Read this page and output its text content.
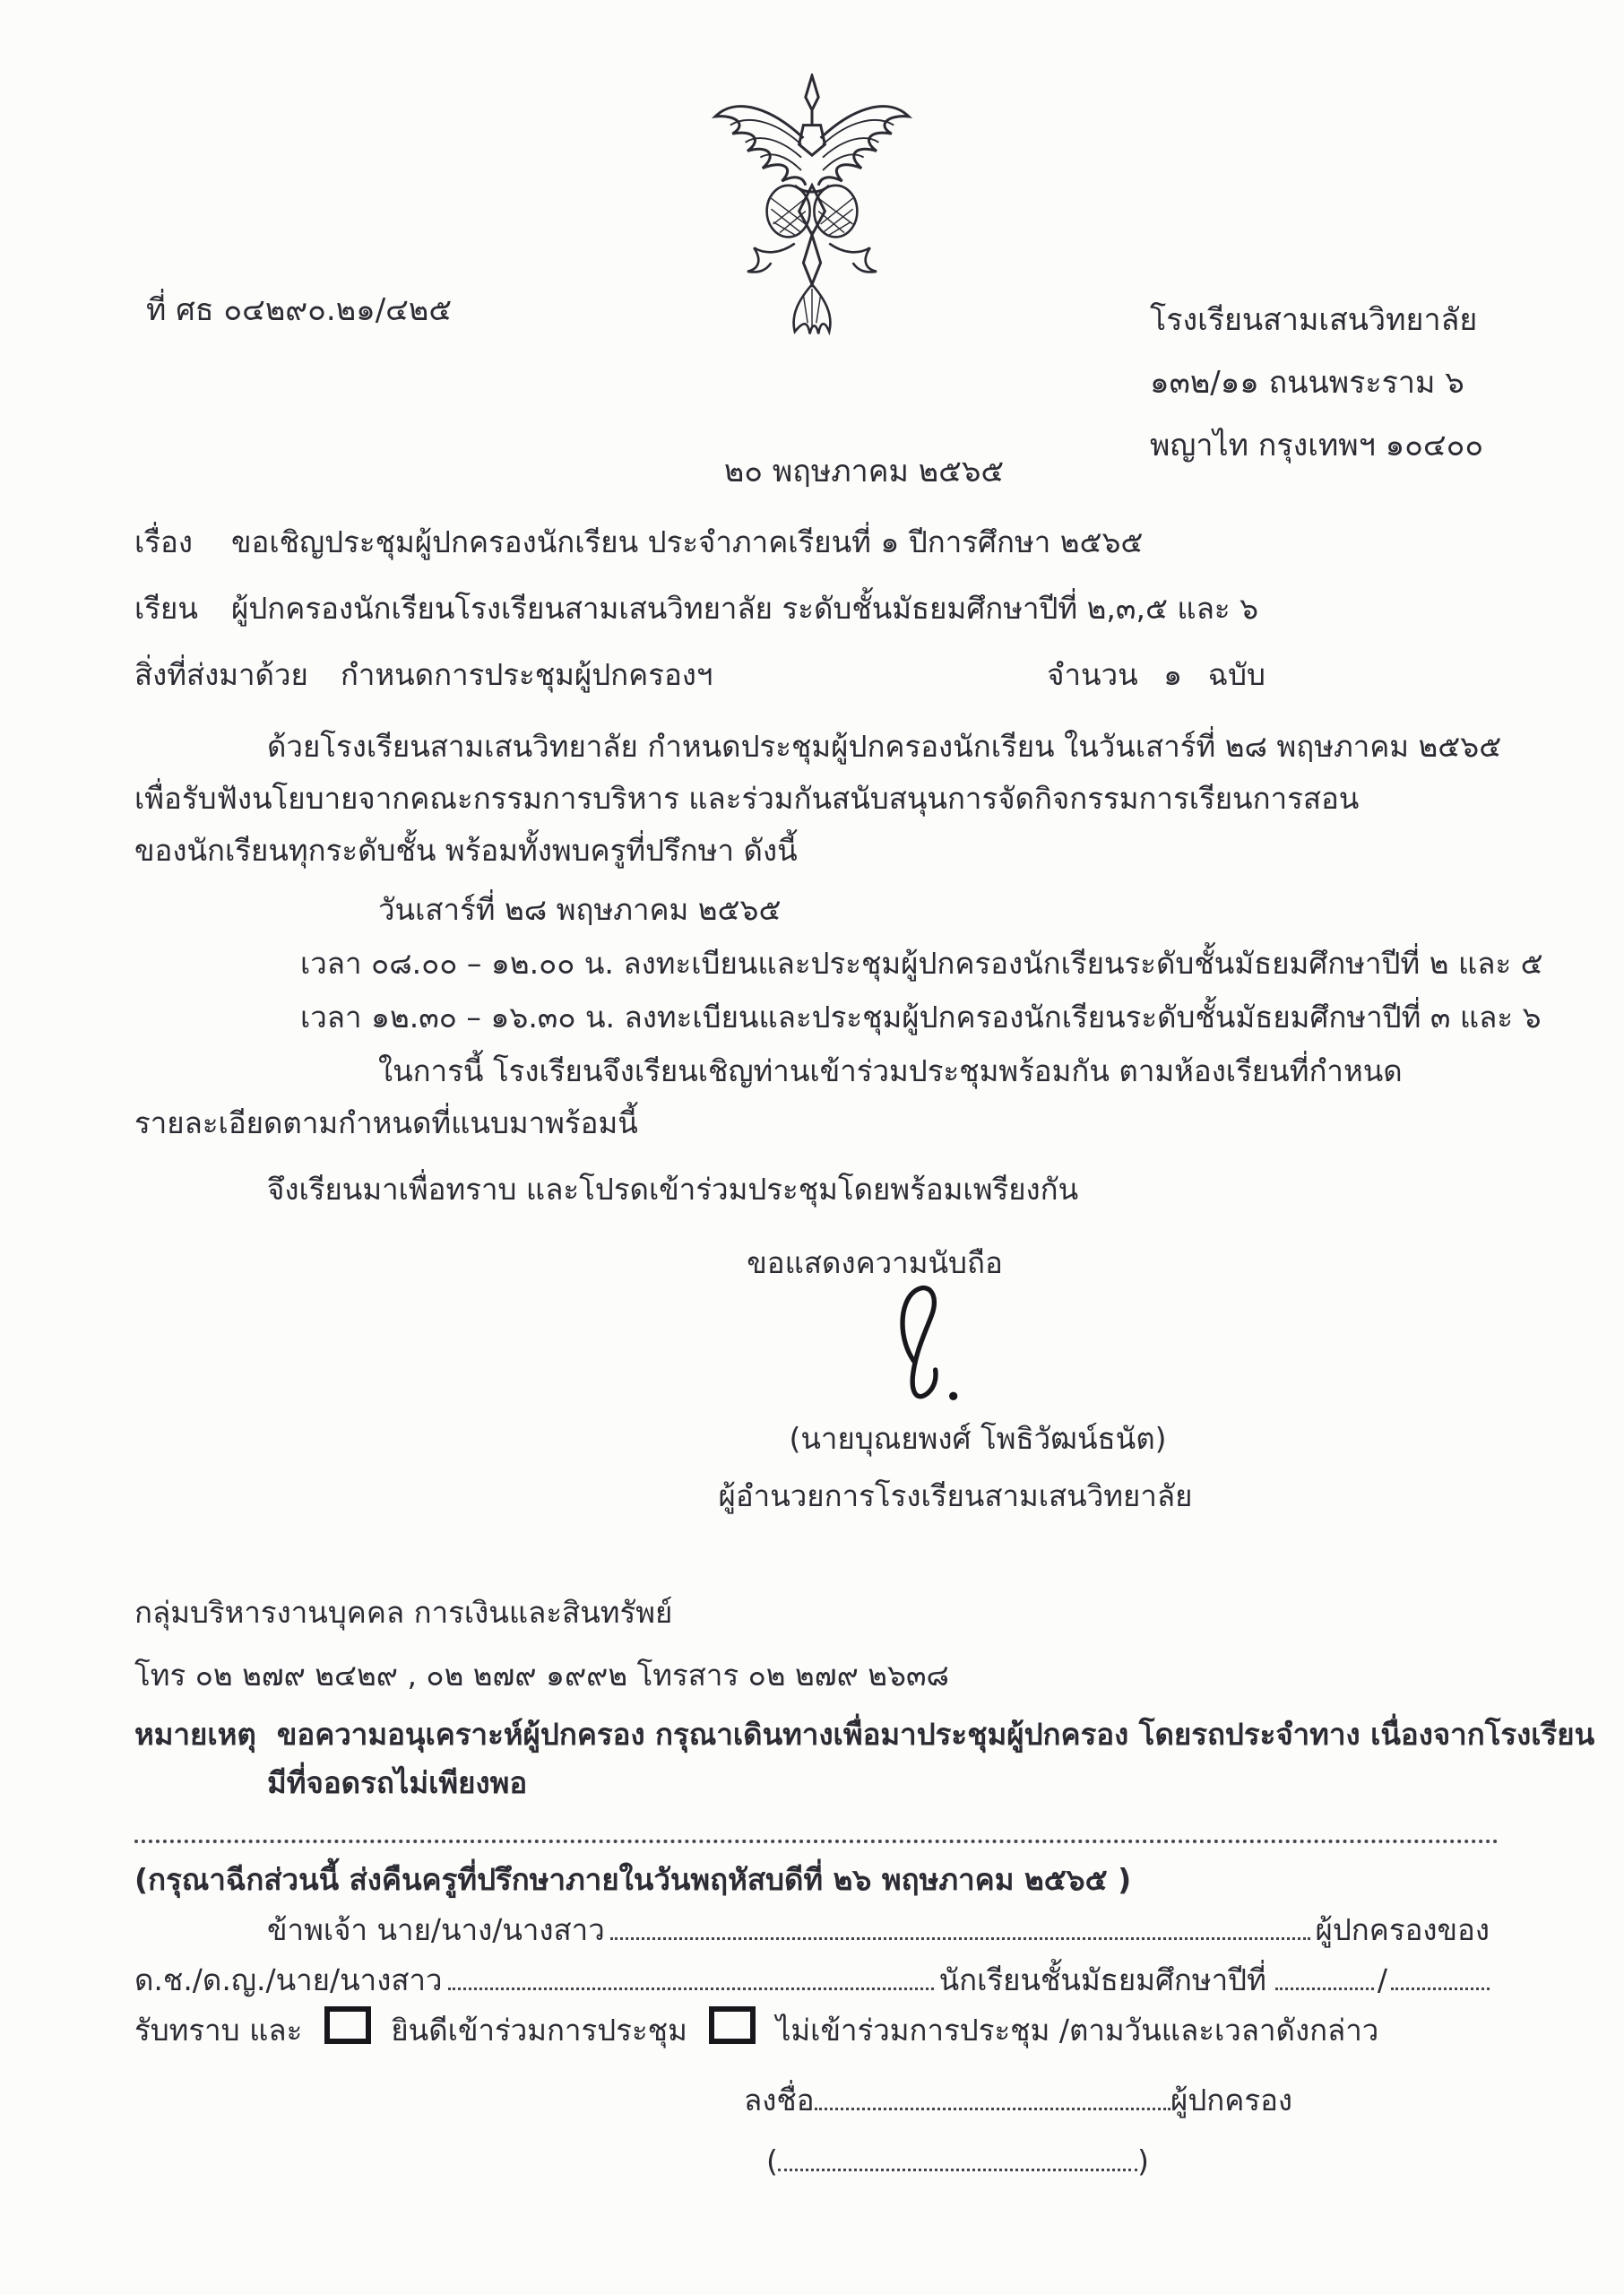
ที่ ศธ ๐๔๒๙๐.๒๑/๔๒๕	โรงเรียนสามเสนวิทยาลัย
๑๓๒/๑๑ ถนนพระราม ๖
พญาไท กรุงเทพฯ ๑๐๔๐๐
๒๐ พฤษภาคม ๒๕๖๕
เรื่อง ขอเชิญประชุมผู้ปกครองนักเรียน ประจำภาคเรียนที่ ๑ ปีการศึกษา ๒๕๖๕
เรียน ผู้ปกครองนักเรียนโรงเรียนสามเสนวิทยาลัย ระดับชั้นมัธยมศึกษาปีที่ ๒,๓,๕ และ ๖
สิ่งที่ส่งมาด้วย กำหนดการประชุมผู้ปกครองฯ	จำนวน ๑ ฉบับ
ด้วยโรงเรียนสามเสนวิทยาลัย กำหนดประชุมผู้ปกครองนักเรียน ในวันเสาร์ที่ ๒๘ พฤษภาคม ๒๕๖๕
เพื่อรับฟังนโยบายจากคณะกรรมการบริหาร และร่วมกันสนับสนุนการจัดกิจกรรมการเรียนการสอน
ของนักเรียนทุกระดับชั้น พร้อมทั้งพบครูที่ปรึกษา ดังนี้
วันเสาร์ที่ ๒๘ พฤษภาคม ๒๕๖๕
เวลา ๐๘.๐๐ – ๑๒.๐๐ น. ลงทะเบียนและประชุมผู้ปกครองนักเรียนระดับชั้นมัธยมศึกษาปีที่ ๒ และ ๕
เวลา ๑๒.๓๐ – ๑๖.๓๐ น. ลงทะเบียนและประชุมผู้ปกครองนักเรียนระดับชั้นมัธยมศึกษาปีที่ ๓ และ ๖
ในการนี้ โรงเรียนจึงเรียนเชิญท่านเข้าร่วมประชุมพร้อมกัน ตามห้องเรียนที่กำหนด
รายละเอียดตามกำหนดที่แนบมาพร้อมนี้
จึงเรียนมาเพื่อทราบ และโปรดเข้าร่วมประชุมโดยพร้อมเพรียงกัน
ขอแสดงความนับถือ
(นายบุณยพงศ์ โพธิวัฒน์ธนัต)
ผู้อำนวยการโรงเรียนสามเสนวิทยาลัย
กลุ่มบริหารงานบุคคล การเงินและสินทรัพย์
โทร ๐๒ ๒๗๙ ๒๔๒๙ , ๐๒ ๒๗๙ ๑๙๙๒ โทรสาร ๐๒ ๒๗๙ ๒๖๓๘
หมายเหตุ ขอความอนุเคราะห์ผู้ปกครอง กรุณาเดินทางเพื่อมาประชุมผู้ปกครอง โดยรถประจำทาง เนื่องจากโรงเรียน
มีที่จอดรถไม่เพียงพอ
(กรุณาฉีกส่วนนี้ ส่งคืนครูที่ปรึกษาภายในวันพฤหัสบดีที่ ๒๖ พฤษภาคม ๒๕๖๕ )
ข้าพเจ้า นาย/นาง/นางสาว	ผู้ปกครองของ
ด.ช./ด.ญ./นาย/นางสาว	นักเรียนชั้นมัธยมศึกษาปีที่	/
รับทราบ และ	ยินดีเข้าร่วมการประชุม	ไม่เข้าร่วมการประชุม /ตามวันและเวลาดังกล่าว
ลงชื่อ	ผู้ปกครอง
(	)
